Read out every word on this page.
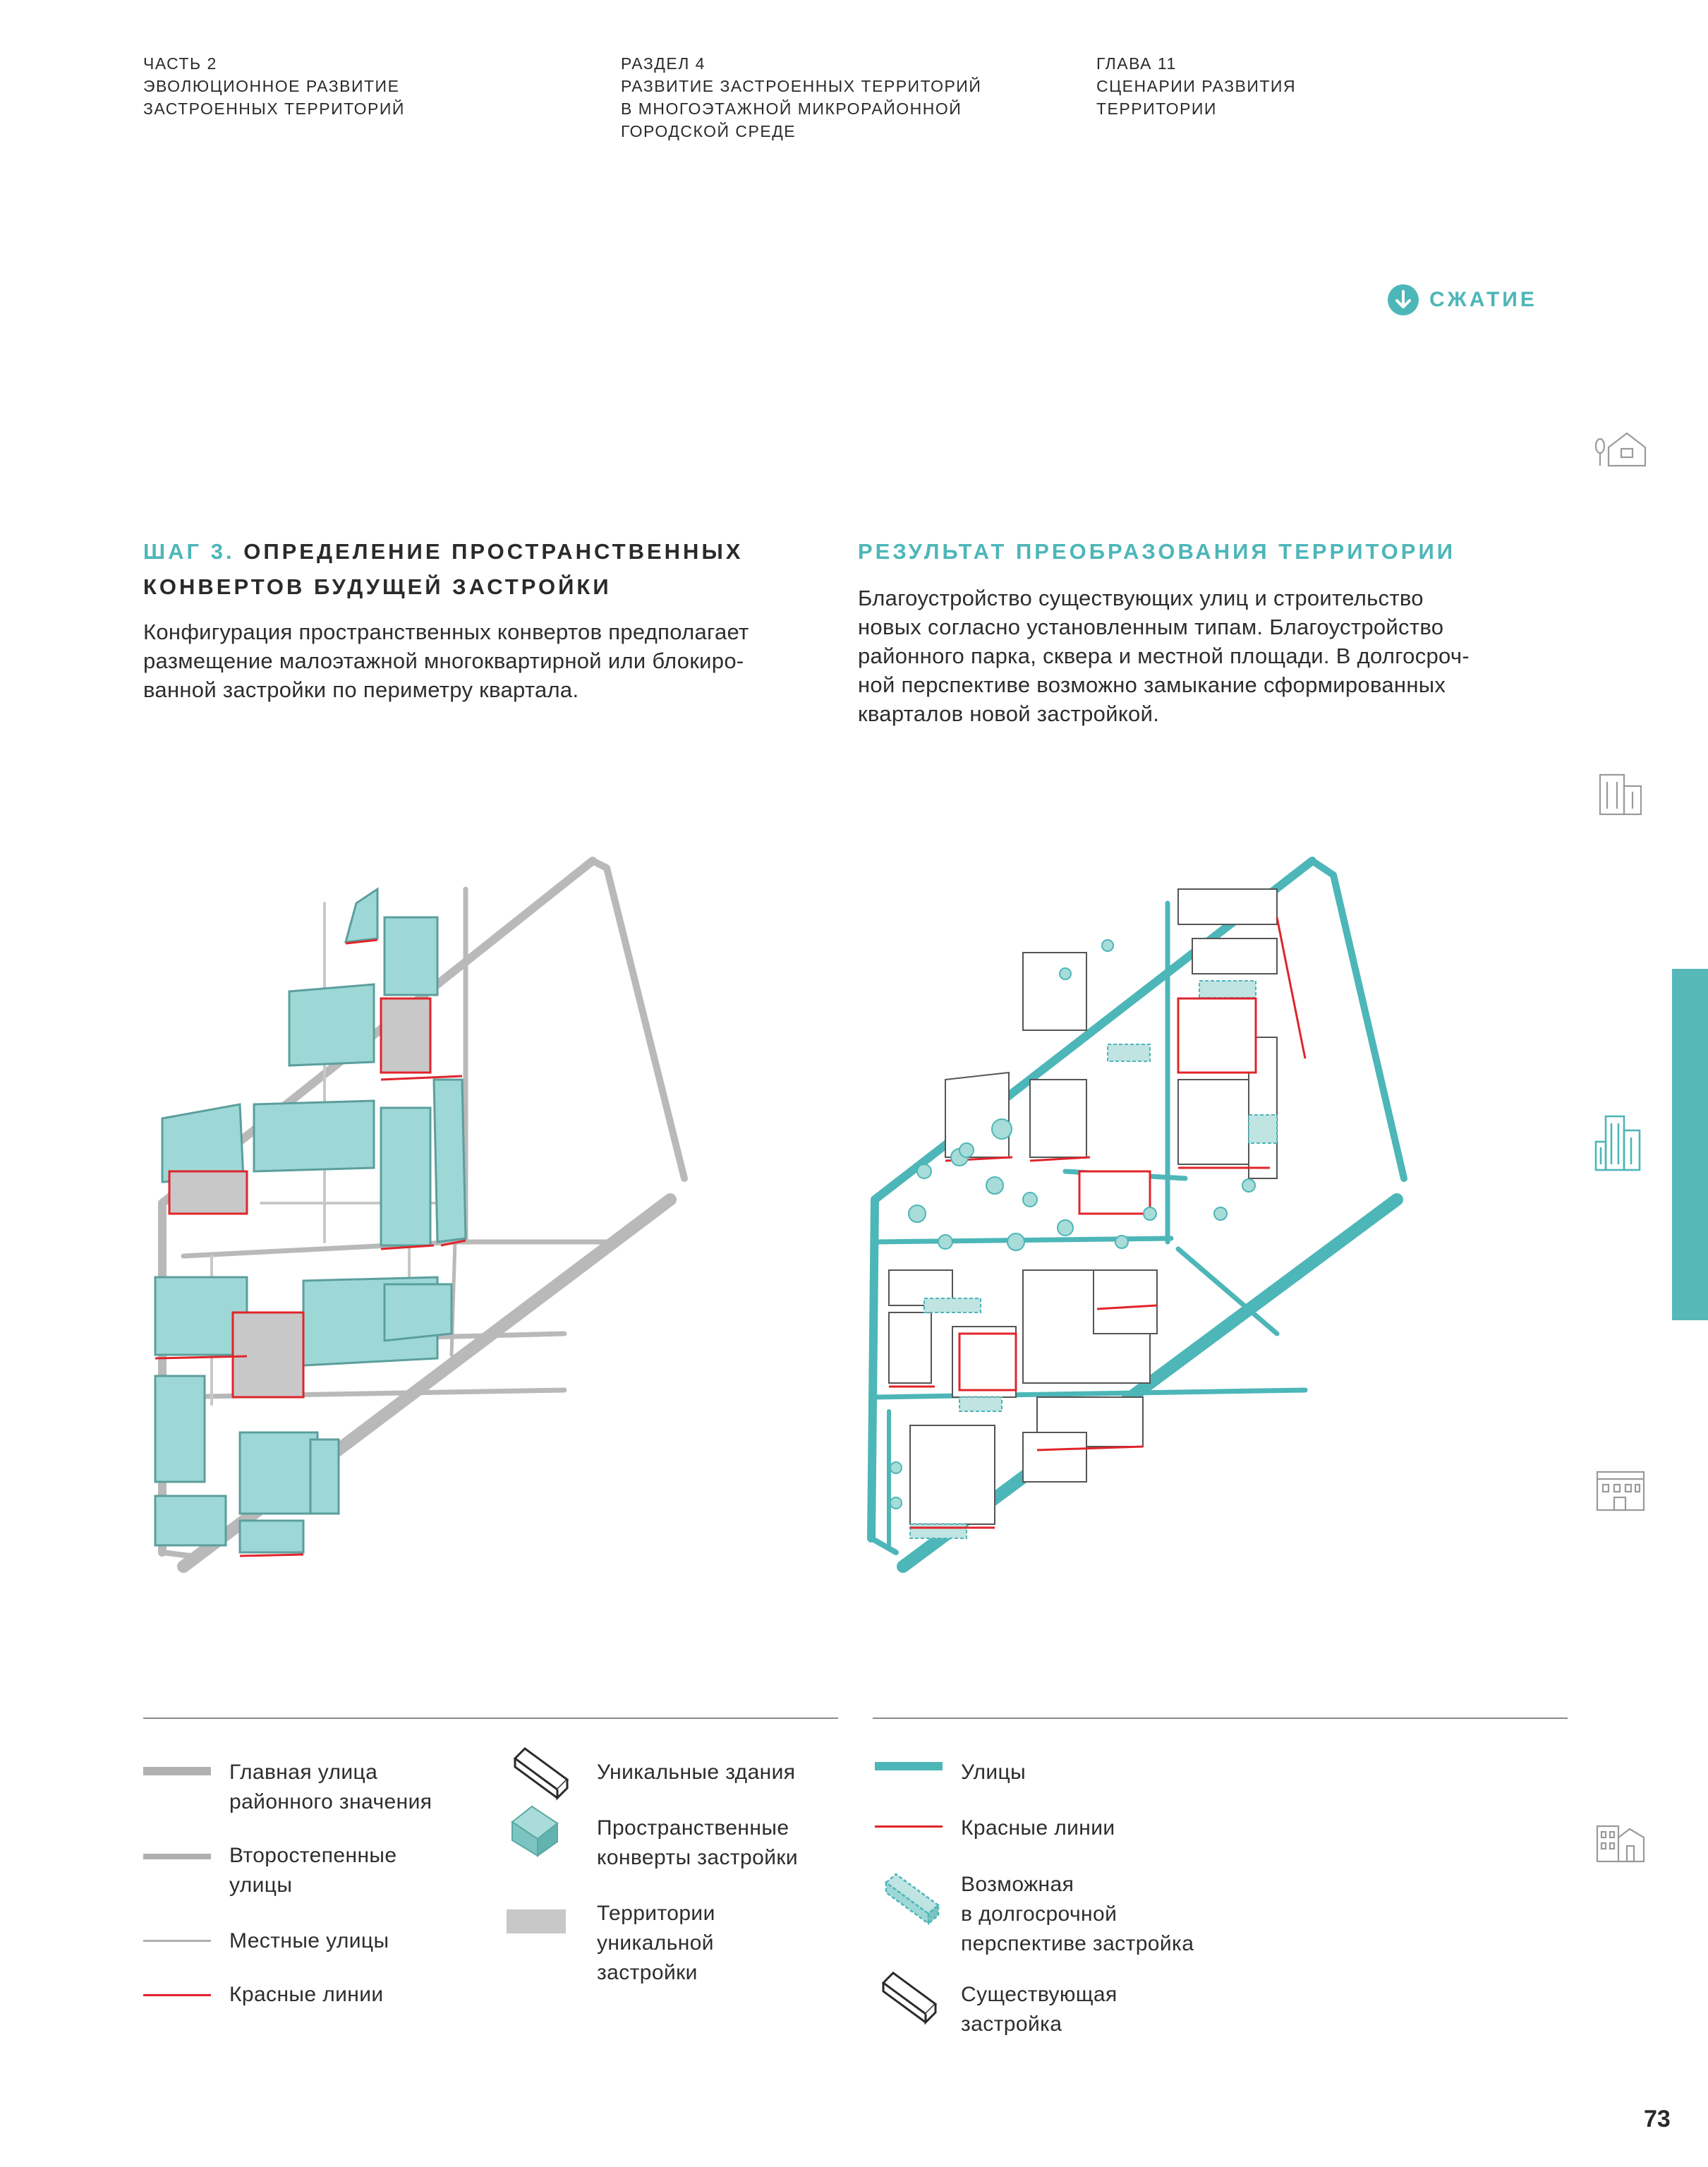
ЧАСТЬ 2
ЭВОЛЮЦИОННОЕ РАЗВИТИЕ
ЗАСТРОЕННЫХ ТЕРРИТОРИЙ
РАЗДЕЛ 4
РАЗВИТИЕ ЗАСТРОЕННЫХ ТЕРРИТОРИЙ
В МНОГОЭТАЖНОЙ МИКРОРАЙОННОЙ
ГОРОДСКОЙ СРЕДЕ
ГЛАВА 11
СЦЕНАРИИ РАЗВИТИЯ
ТЕРРИТОРИИ
СЖАТИЕ
ШАГ 3. ОПРЕДЕЛЕНИЕ ПРОСТРАНСТВЕННЫХ
КОНВЕРТОВ БУДУЩЕЙ ЗАСТРОЙКИ
Конфигурация пространственных конвертов предполагает
размещение малоэтажной многоквартирной или блокиро-
ванной застройки по периметру квартала.
РЕЗУЛЬТАТ ПРЕОБРАЗОВАНИЯ ТЕРРИТОРИИ
Благоустройство существующих улиц и строительство
новых согласно установленным типам. Благоустройство
районного парка, сквера и местной площади. В долгосроч-
ной перспективе возможно замыкание сформированных
кварталов новой застройкой.
Главная улица
районного значения
Второстепенные
улицы
Местные улицы
Красные линии
Уникальные здания
Пространственные
конверты застройки
Территории
уникальной
застройки
Улицы
Красные линии
Возможная
в долгосрочной
перспективе застройка
Существующая
застройка
73
